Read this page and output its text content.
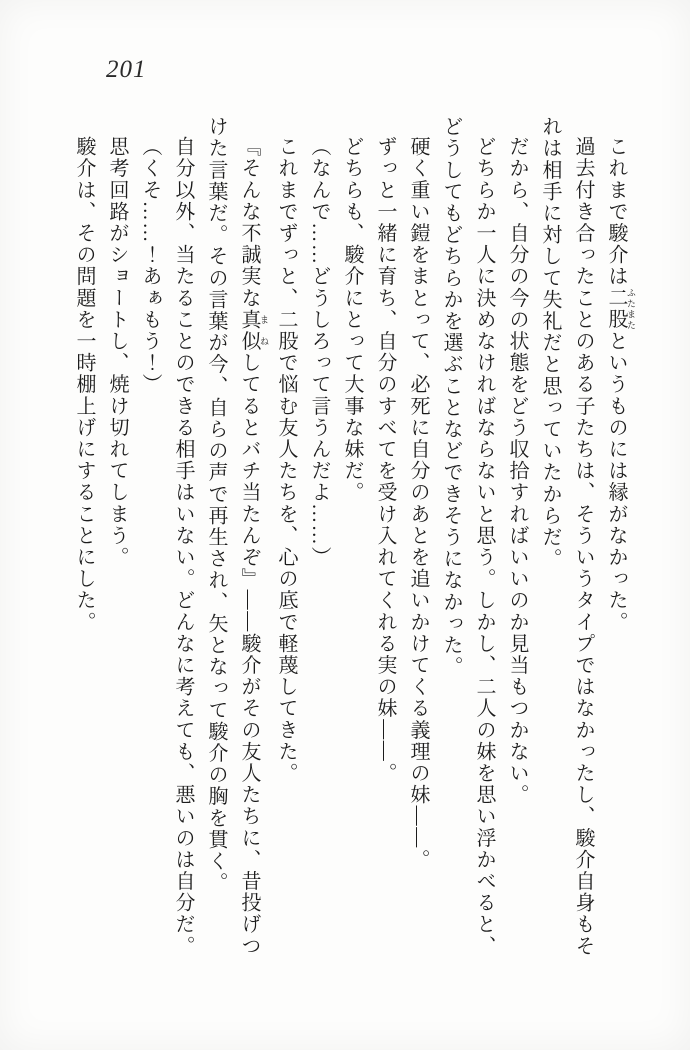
201

これまで駿介は二股 ふたまたというものには縁がなかった。

過去付き合ったことのある子たちは、そういうタイプではなかったし、駿介自身もそれは相手に対して失礼だと思っていたからだ。

だから、自分の今の状態をどう収拾すればいいのか見当もつかない。

どちらか一人に決めなければならないと思う。しかし、二人の妹を思い浮かべると、どうしてもどちらかを選ぶことなどできそうになかった。

硬く重い鎧をまとって、必死に自分のあとを追いかけてくる義理の妹――。

ずっと一緒に育ち、自分のすべてを受け入れてくれる実の妹――。

どちらも、駿介にとって大事な妹だ。

（なんで……どうしろって言うんだよ……）

これまでずっと、二股で悩む友人たちを、心の底で軽蔑してきた。

『そんな不誠実な真似 まねしてるとバチ当たんぞ』――駿介がその友人たちに、昔投げつけた言葉だ。その言葉が今、自らの声で再生され、矢となって駿介の胸を貫く。

自分以外、当たることのできる相手はいない。どんなに考えても、悪いのは自分だ。

（くそ……！あぁもう！）

思考回路がショートし、焼け切れてしまう。

駿介は、その問題を一時棚上げにすることにした。
